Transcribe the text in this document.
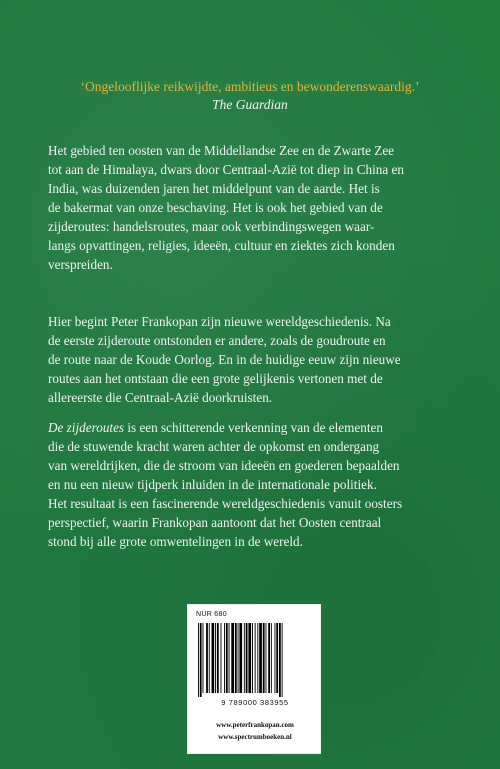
‘Ongelooflijke reikwijdte, ambitieus en bewonderenswaardig.’
The Guardian
Het gebied ten oosten van de Middellandse Zee en de Zwarte Zee
tot aan de Himalaya, dwars door Centraal-Azië tot diep in China en
India, was duizenden jaren het middelpunt van de aarde. Het is
de bakermat van onze beschaving. Het is ook het gebied van de
zijderoutes: handelsroutes, maar ook verbindingswegen waar-
langs opvattingen, religies, ideeën, cultuur en ziektes zich konden
verspreiden.
Hier begint Peter Frankopan zijn nieuwe wereldgeschiedenis. Na
de eerste zijderoute ontstonden er andere, zoals de goudroute en
de route naar de Koude Oorlog. En in de huidige eeuw zijn nieuwe
routes aan het ontstaan die een grote gelijkenis vertonen met de
allereerste die Centraal-Azië doorkruisten.
De zijderoutes is een schitterende verkenning van de elementen
die de stuwende kracht waren achter de opkomst en ondergang
van wereldrijken, die de stroom van ideeën en goederen bepaalden
en nu een nieuw tijdperk inluiden in de internationale politiek.
Het resultaat is een fascinerende wereldgeschiedenis vanuit oosters
perspectief, waarin Frankopan aantoont dat het Oosten centraal
stond bij alle grote omwentelingen in de wereld.
NUR 680
9 789000 383955
www.peterfrankopan.com
www.spectrumboeken.nl
